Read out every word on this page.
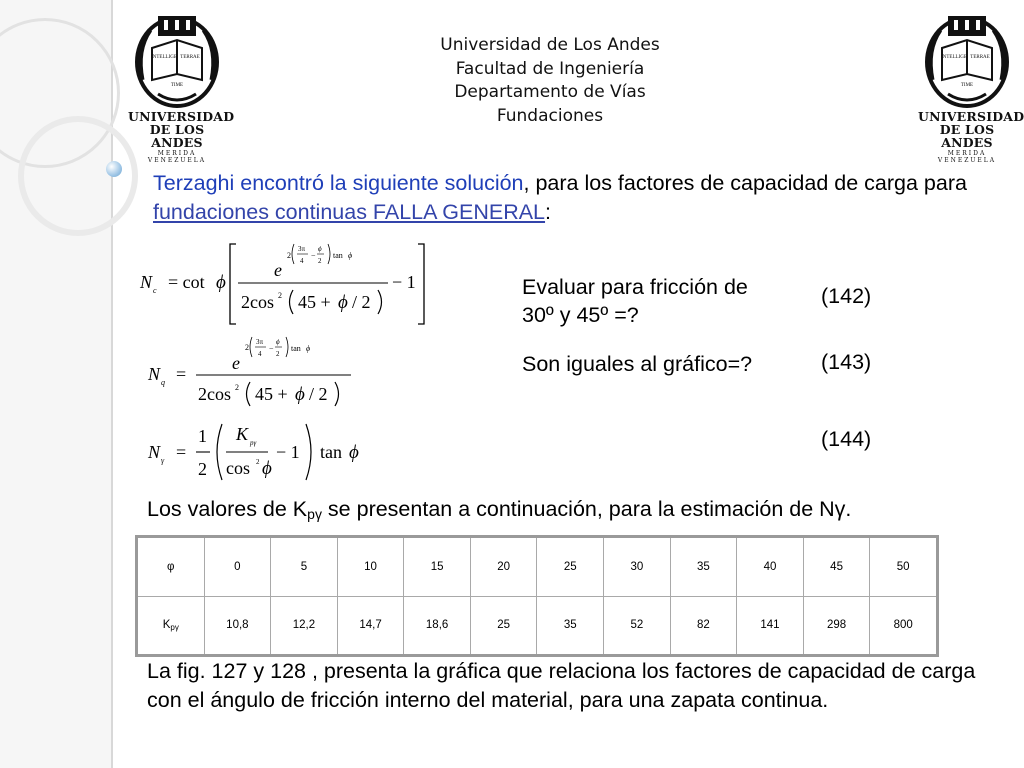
INTELLIGE TERRAE
TIME
UNIVERSIDAD
DE LOS ANDES
MERIDA VENEZUELA
INTELLIGE TERRAE
TIME
UNIVERSIDAD
DE LOS ANDES
MERIDA VENEZUELA
Universidad de Los Andes
Facultad de Ingeniería
Departamento de Vías
Fundaciones
Terzaghi encontró la siguiente solución, para los factores de capacidad de carga para fundaciones continuas FALLA GENERAL:
N c = cot ϕ
e
2
3π
4
−
ϕ
2
tan ϕ
2cos 2 45 + ϕ / 2
− 1
N q =
e
2
3π
4
−
ϕ
2
tan ϕ
2cos 2 45 + ϕ / 2
N γ =
1
2
K pγ
cos 2 ϕ
− 1 tan ϕ
Evaluar para fricción de 30º y 45º =?
Son iguales al gráfico=?
(142)
(143)
(144)
Los valores de $K_{p\gamma}$ se presentan a continuación, para la estimación de Nγ.
φ	0	5	10	15	20	25	30	35	40	45	50
Kpγ	10,8	12,2	14,7	18,6	25	35	52	82	141	298	800
La fig. 127 y 128 , presenta la gráfica que relaciona los factores de capacidad de carga con el ángulo de fricción interno del material, para una zapata continua.
